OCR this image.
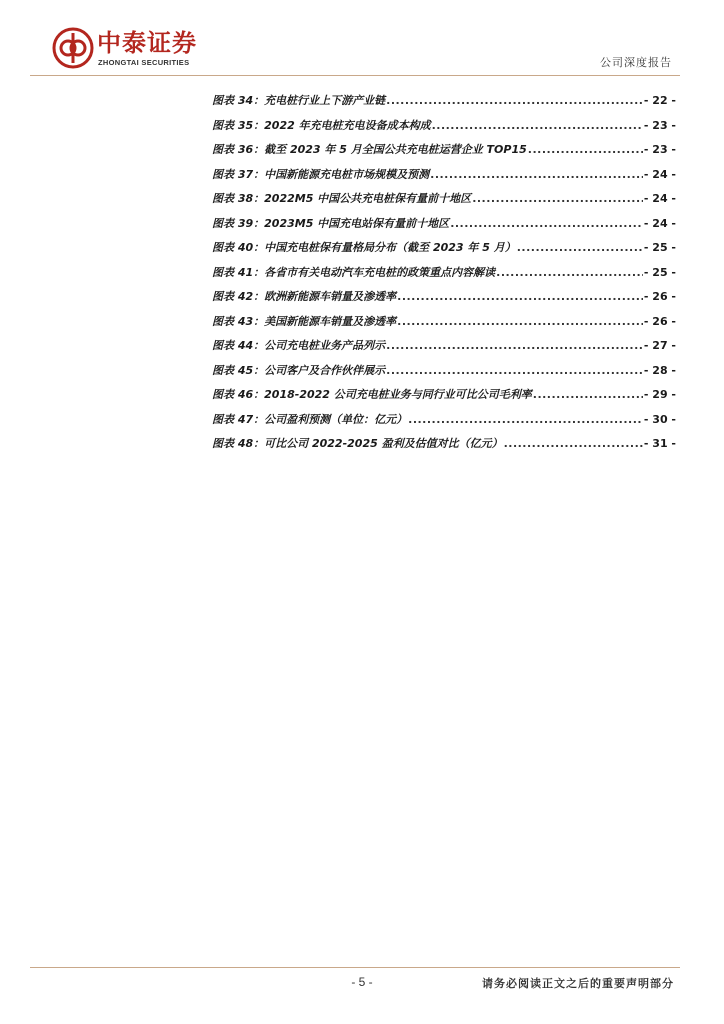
中泰证券
ZHONGTAI SECURITIES	公司深度报告
图表 34：充电桩行业上下游产业链 .....	- 22 -
图表 35：2022 年充电桩充电设备成本构成 .....	- 23 -
图表 36：截至 2023 年 5 月全国公共充电桩运营企业 TOP15 .....	- 23 -
图表 37：中国新能源充电桩市场规模及预测 .....	- 24 -
图表 38：2022M5 中国公共充电桩保有量前十地区 .....	- 24 -
图表 39：2023M5 中国充电站保有量前十地区 .....	- 24 -
图表 40：中国充电桩保有量格局分布（截至 2023 年 5 月） .....	- 25 -
图表 41：各省市有关电动汽车充电桩的政策重点内容解读 .....	- 25 -
图表 42：欧洲新能源车销量及渗透率 .....	- 26 -
图表 43：美国新能源车销量及渗透率 .....	- 26 -
图表 44：公司充电桩业务产品列示 .....	- 27 -
图表 45：公司客户及合作伙伴展示 .....	- 28 -
图表 46：2018-2022 公司充电桩业务与同行业可比公司毛利率 .....	- 29 -
图表 47：公司盈利预测（单位：亿元） .....	- 30 -
图表 48：可比公司 2022-2025 盈利及估值对比（亿元） .....	- 31 -
- 5 -	请务必阅读正文之后的重要声明部分
